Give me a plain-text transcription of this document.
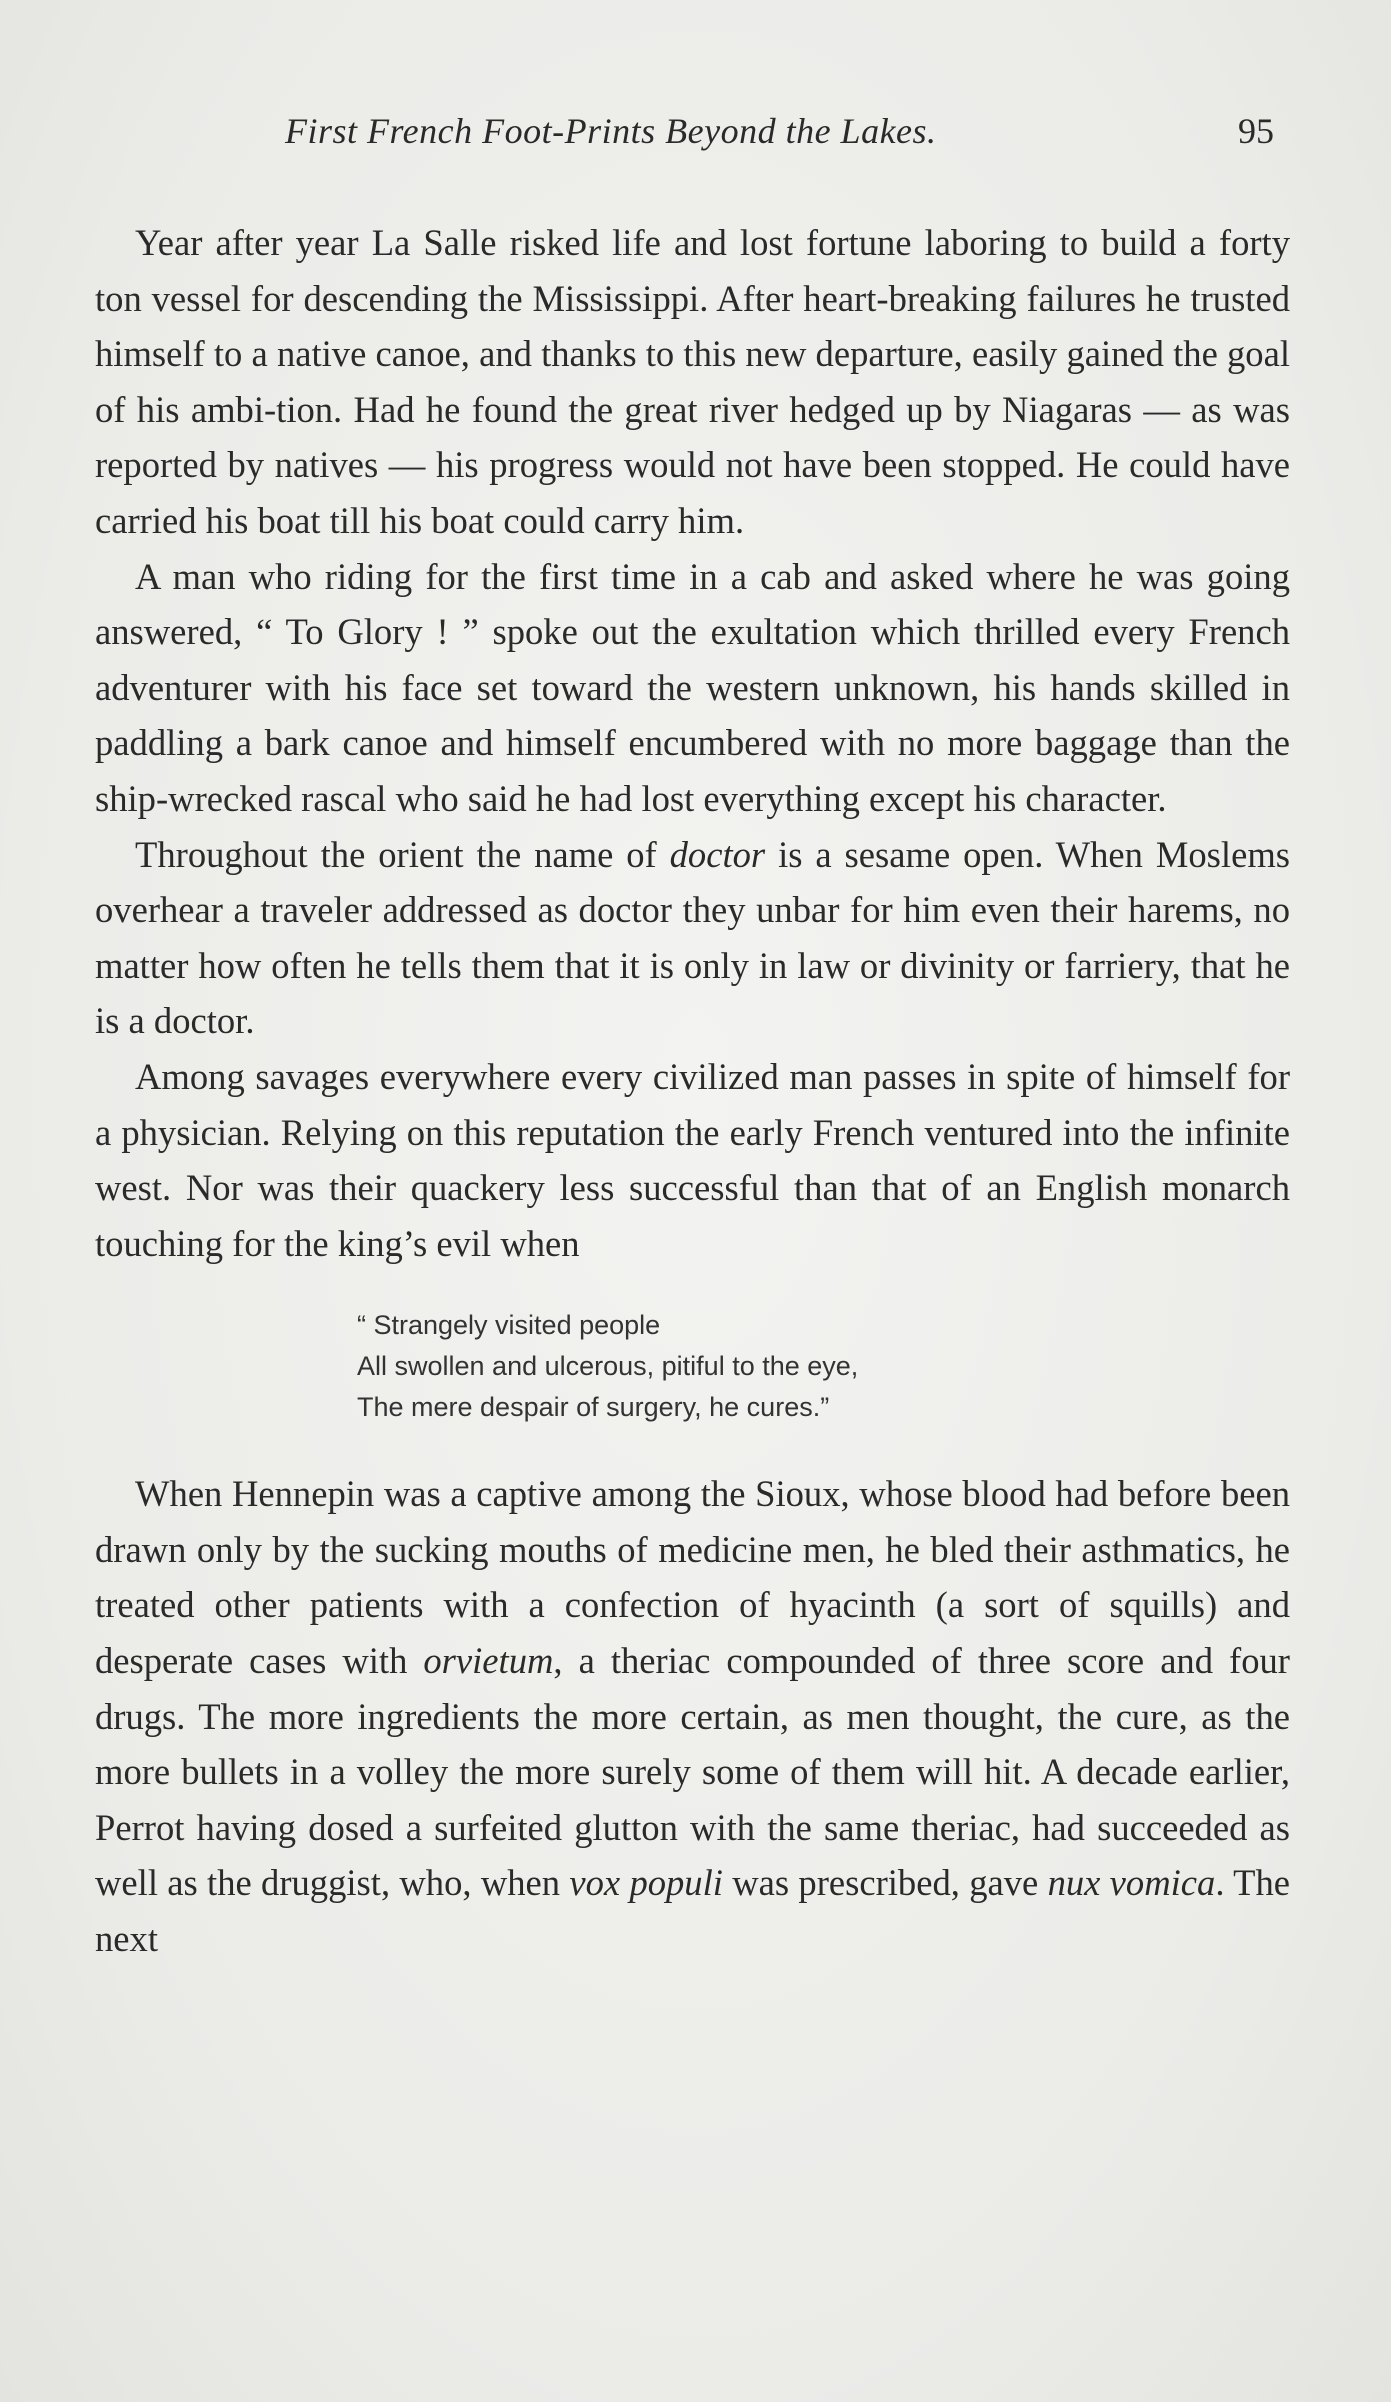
First French Foot-Prints Beyond the Lakes.	95

Year after year La Salle risked life and lost fortune laboring to build a forty ton vessel for descending the Mississippi. After heart-breaking failures he trusted himself to a native canoe, and thanks to this new departure, easily gained the goal of his ambi-tion. Had he found the great river hedged up by Niagaras — as was reported by natives — his progress would not have been stopped. He could have carried his boat till his boat could carry him.

A man who riding for the first time in a cab and asked where he was going answered, “ To Glory ! ” spoke out the exultation which thrilled every French adventurer with his face set toward the western unknown, his hands skilled in paddling a bark canoe and himself encumbered with no more baggage than the ship-wrecked rascal who said he had lost everything except his character.

Throughout the orient the name of doctor is a sesame open. When Moslems overhear a traveler addressed as doctor they unbar for him even their harems, no matter how often he tells them that it is only in law or divinity or farriery, that he is a doctor.

Among savages everywhere every civilized man passes in spite of himself for a physician. Relying on this reputation the early French ventured into the infinite west. Nor was their quackery less successful than that of an English monarch touching for the king’s evil when

“ Strangely visited people
All swollen and ulcerous, pitiful to the eye,
The mere despair of surgery, he cures.”

When Hennepin was a captive among the Sioux, whose blood had before been drawn only by the sucking mouths of medicine men, he bled their asthmatics, he treated other patients with a confection of hyacinth (a sort of squills) and desperate cases with orvietum, a theriac compounded of three score and four drugs. The more ingredients the more certain, as men thought, the cure, as the more bullets in a volley the more surely some of them will hit. A decade earlier, Perrot having dosed a surfeited glutton with the same theriac, had succeeded as well as the druggist, who, when vox populi was prescribed, gave nux vomica. The next
